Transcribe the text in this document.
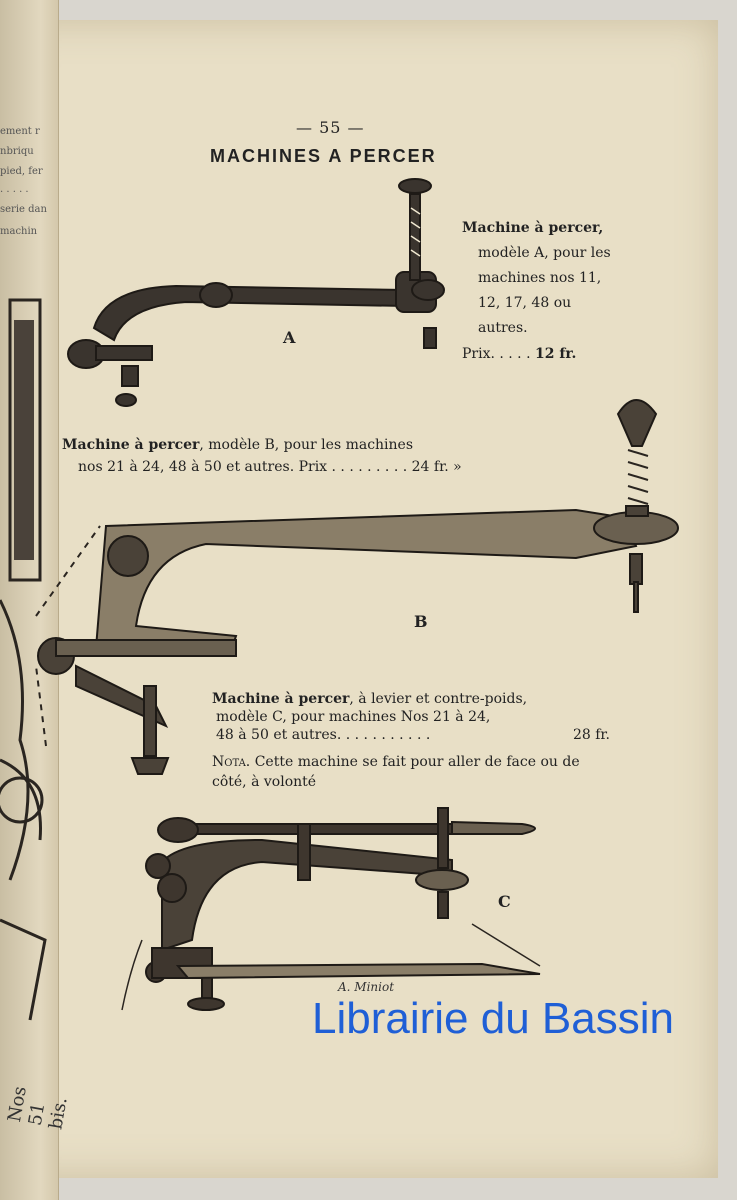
ement r
nbriqu
pied, fer
. . . . .
serie dan
machin
Nos 51 bis.
— 55 —
MACHINES A PERCER
A
Machine à percer,
modèle A, pour les
machines nos 11,
12, 17, 48 ou autres.
Prix. . . . . 12 fr.
Machine à percer, modèle B, pour les machines
nos 21 à 24, 48 à 50 et autres. Prix . . . . . . . . . 24 fr. »
B
Machine à percer, à levier et contre-poids,
modèle C, pour machines Nos 21 à 24,
48 à 50 et autres. . . . . . . . . . .	28 fr.
Nota. Cette machine se fait pour aller de face ou de côté, à volonté
C
A. Miniot
Librairie du Bassin
